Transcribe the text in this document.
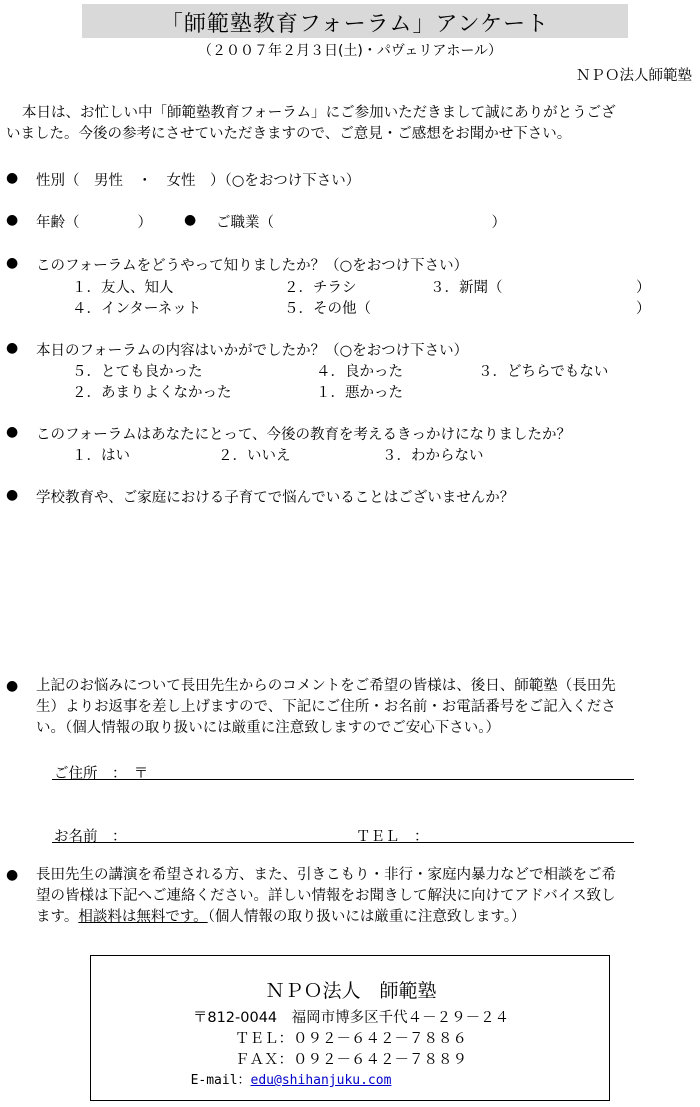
「師範塾教育フォーラム」アンケート
（２００７年２月３日(土)・パヴェリアホール）
ＮＰＯ法人師範塾
本日は、お忙しい中「師範塾教育フォーラム」にご参加いただきまして誠にありがとうござ
いました。今後の参考にさせていただきますので、ご意見・ご感想をお聞かせ下さい。
● 性別（　男性　・　女性　）（○をおつけ下さい）
● 年齢（　　　　） ● ご職業（　　　　　　　　　　　　　　　）
● このフォーラムをどうやって知りましたか？（○をおつけ下さい）
１．友人、知人	２．チラシ	３．新聞（	）
４．インターネット	５．その他（	）
● 本日のフォーラムの内容はいかがでしたか？（○をおつけ下さい）
５．とても良かった	４．良かった	３．どちらでもない
２．あまりよくなかった	１．悪かった
● このフォーラムはあなたにとって、今後の教育を考えるきっかけになりましたか？
１．はい	２．いいえ	３．わからない
● 学校教育や、ご家庭における子育てで悩んでいることはございませんか？
● 上記のお悩みについて長田先生からのコメントをご希望の皆様は、後日、師範塾（長田先
生）よりお返事を差し上げますので、下記にご住所・お名前・お電話番号をご記入くださ
い。（個人情報の取り扱いには厳重に注意致しますのでご安心下さい。）
ご住所　：　〒
お名前　：	ＴＥＬ　：
● 長田先生の講演を希望される方、また、引きこもり・非行・家庭内暴力などで相談をご希
望の皆様は下記へご連絡ください。詳しい情報をお聞きして解決に向けてアドバイス致し
ます。相談料は無料です。（個人情報の取り扱いには厳重に注意致します。）
ＮＰＯ法人　師範塾
〒812-0044　福岡市博多区千代４－２９－２４
ＴＥＬ：０９２－６４２－７８８６
ＦＡＸ：０９２－６４２－７８８９
E-mail：edu@shihanjuku.com
